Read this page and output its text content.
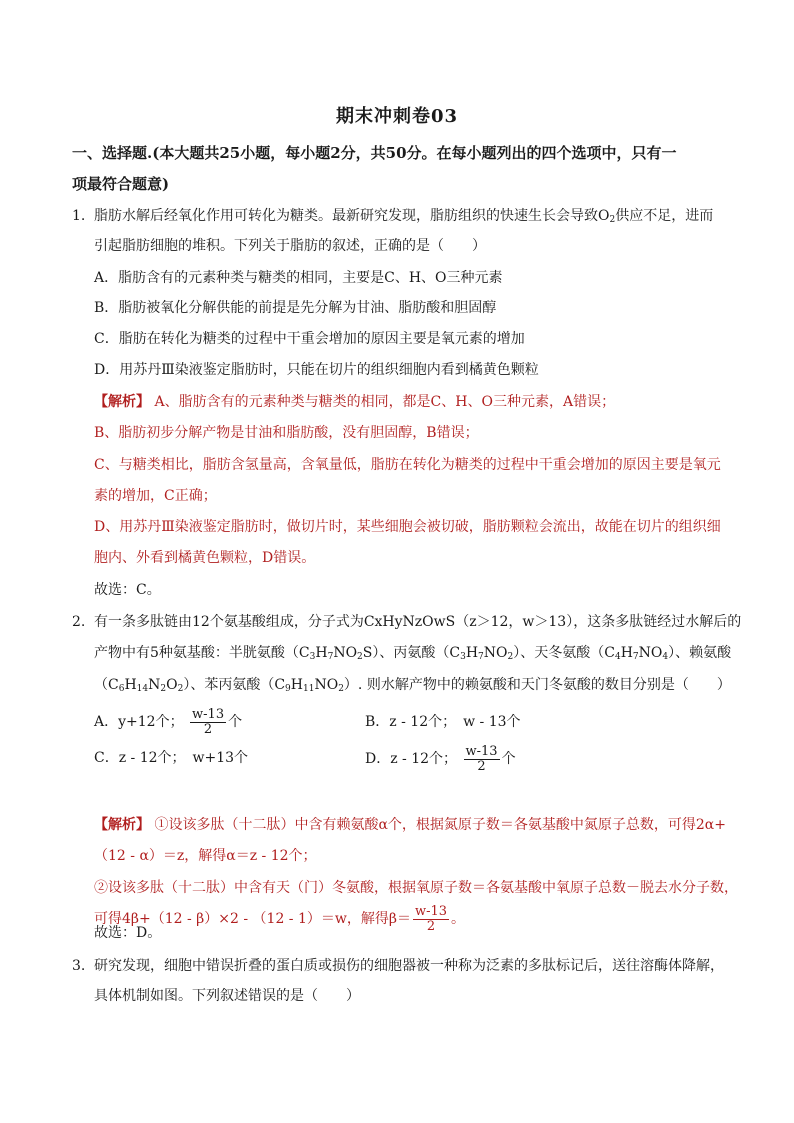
期末冲刺卷03
一、选择题.(本大题共25小题，每小题2分，共50分。在每小题列出的四个选项中，只有一
项最符合题意)
1. 脂肪水解后经氧化作用可转化为糖类。最新研究发现，脂肪组织的快速生长会导致$O_2$供应不足，进而
引起脂肪细胞的堆积。下列关于脂肪的叙述，正确的是（　　）
A．脂肪含有的元素种类与糖类的相同，主要是C、H、O三种元素
B．脂肪被氧化分解供能的前提是先分解为甘油、脂肪酸和胆固醇
C．脂肪在转化为糖类的过程中干重会增加的原因主要是氧元素的增加
D．用苏丹Ⅲ染液鉴定脂肪时，只能在切片的组织细胞内看到橘黄色颗粒
【解析】 A、脂肪含有的元素种类与糖类的相同，都是C、H、O三种元素，A错误；
B、脂肪初步分解产物是甘油和脂肪酸，没有胆固醇，B错误；
C、与糖类相比，脂肪含氢量高，含氧量低，脂肪在转化为糖类的过程中干重会增加的原因主要是氧元
素的增加，C正确；
D、用苏丹Ⅲ染液鉴定脂肪时，做切片时，某些细胞会被切破，脂肪颗粒会流出，故能在切片的组织细
胞内、外看到橘黄色颗粒，D错误。
故选：C。
2. 有一条多肽链由12个氨基酸组成，分子式为CxHyNzOwS（z＞12，w＞13），这条多肽链经过水解后的
产物中有5种氨基酸：半胱氨酸$(C_3H_7NO_2S)$、丙氨酸$(C_3H_7NO_2)$、天冬氨酸$(C_4H_7NO_4)$、赖氨酸
$(C_6H_{14}N_2O_2)$、苯丙氨酸$(C_9H_{11}NO_2)$. 则水解产物中的赖氨酸和天门冬氨酸的数目分别是（　　）
A．y+12个； $\frac{w-13}{2}$ 个	B．z - 12个；　w - 13个
C．z - 12个；　w+13个	D．z - 12个； $\frac{w-13}{2}$ 个
【解析】 ①设该多肽（十二肽）中含有赖氨酸α个，根据氮原子数＝各氨基酸中氮原子总数，可得2α+
（12 - α）＝z，解得α＝z - 12个；
②设该多肽（十二肽）中含有天（门）冬氨酸，根据氧原子数＝各氨基酸中氧原子总数－脱去水分子数，
可得4β+（12 - β）×2 - （12 - 1）＝w，解得$\beta= \frac{w-13}{2}$ 。
故选：D。
3. 研究发现，细胞中错误折叠的蛋白质或损伤的细胞器被一种称为泛素的多肽标记后，送往溶酶体降解，
具体机制如图。下列叙述错误的是（　　）
